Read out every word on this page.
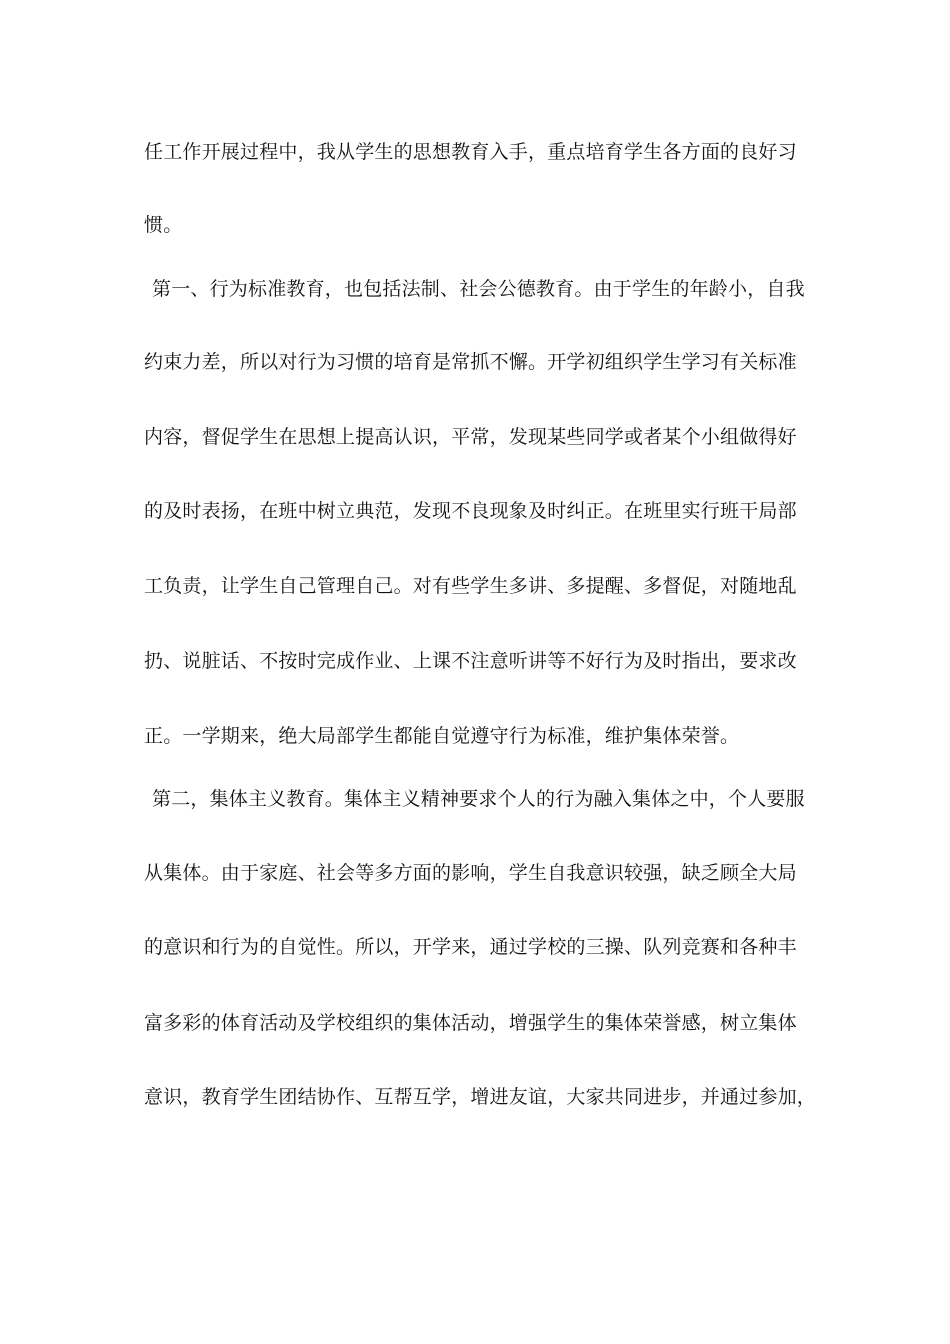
任工作开展过程中，我从学生的思想教育入手，重点培育学生各方面的良好习
惯。
第一、行为标准教育，也包括法制、社会公德教育。由于学生的年龄小，自我
约束力差，所以对行为习惯的培育是常抓不懈。开学初组织学生学习有关标准
内容，督促学生在思想上提高认识，平常，发现某些同学或者某个小组做得好
的及时表扬，在班中树立典范，发现不良现象及时纠正。在班里实行班干局部
工负责，让学生自己管理自己。对有些学生多讲、多提醒、多督促，对随地乱
扔、说脏话、不按时完成作业、上课不注意听讲等不好行为及时指出，要求改
正。一学期来，绝大局部学生都能自觉遵守行为标准，维护集体荣誉。
第二，集体主义教育。集体主义精神要求个人的行为融入集体之中，个人要服
从集体。由于家庭、社会等多方面的影响，学生自我意识较强，缺乏顾全大局
的意识和行为的自觉性。所以，开学来，通过学校的三操、队列竞赛和各种丰
富多彩的体育活动及学校组织的集体活动，增强学生的集体荣誉感，树立集体
意识，教育学生团结协作、互帮互学，增进友谊，大家共同进步，并通过参加，
